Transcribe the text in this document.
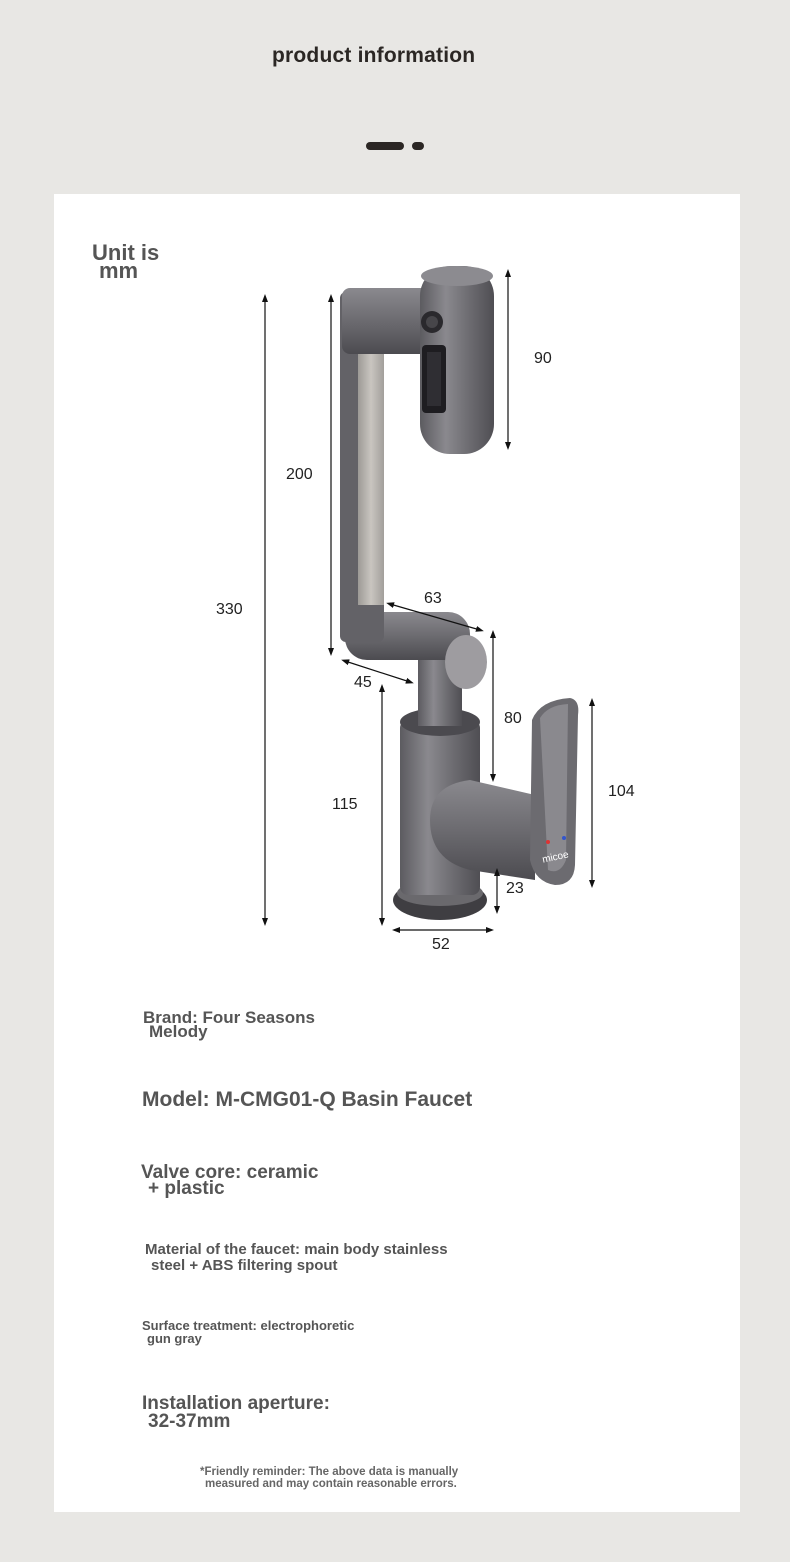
product information
Unit is
mm
micoe
330
200
90
63
45
80
115
104
23
52
Brand: Four Seasons
Melody
Model: M-CMG01-Q Basin Faucet
Valve core: ceramic
+ plastic
Material of the faucet: main body stainless
steel + ABS filtering spout
Surface treatment: electrophoretic
gun gray
Installation aperture:
32-37mm
*Friendly reminder: The above data is manually
measured and may contain reasonable errors.
